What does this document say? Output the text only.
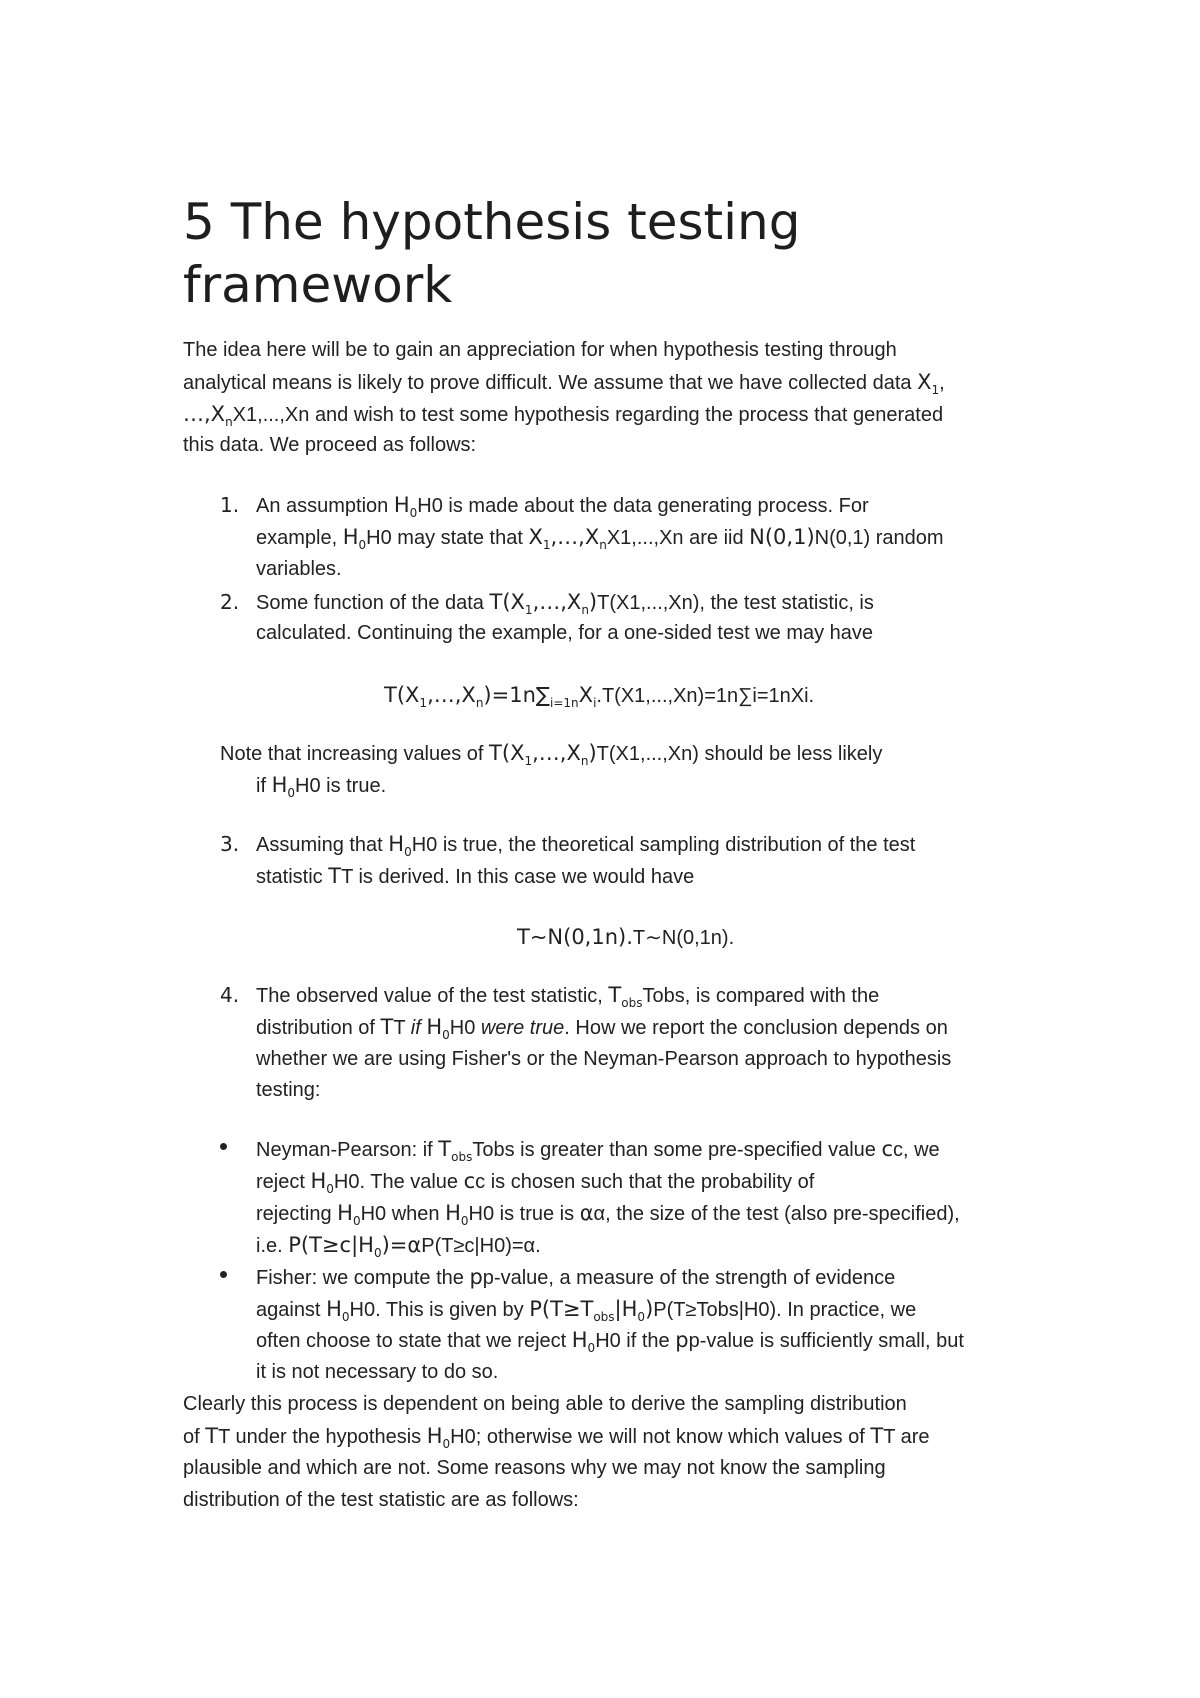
5 The hypothesis testing
framework
The idea here will be to gain an appreciation for when hypothesis testing through
analytical means is likely to prove difficult. We assume that we have collected data $X_1$,
$\dots,X_nX1,...,Xn$ and wish to test some hypothesis regarding the process that generated
this data. We proceed as follows:
1. An assumption $H_0H0$ is made about the data generating process. For
example, $H_0H0$ may state that $X_1,\dots,X_nX1,...,Xn$ are iid N(0,1)N(0,1) random
variables.
2. Some function of the data $T(X_1,\dots,X_n)T(X1,...,Xn)$, the test statistic, is
calculated. Continuing the example, for a one-sided test we may have
$T(X_1,\dots,X_n)=1n\sum_{i=1n}X_i.T(X1,...,Xn)=1n\sum i=1nXi$.
Note that increasing values of $T(X_1,\dots,X_n)T(X1,...,Xn)$ should be less likely
if $H_0H0$ is true.
3. Assuming that $H_0H0$ is true, the theoretical sampling distribution of the test
statistic TT is derived. In this case we would have
T∼N(0,1n).T∼N(0,1n).
4. The observed value of the test statistic, $T_{obs}Tobs$, is compared with the
distribution of TT if $H_0H0$ were true. How we report the conclusion depends on
whether we are using Fisher's or the Neyman-Pearson approach to hypothesis
testing:
Neyman-Pearson: if $T_{obs}Tobs$ is greater than some pre-specified value cc, we
reject $H_0H0$. The value cc is chosen such that the probability of
rejecting $H_0H0$ when $H_0H0$ is true is αα, the size of the test (also pre-specified),
i.e. $P(T\ge c|H_0)=\alpha P(T\ge c|H0)=\alpha$.
Fisher: we compute the pp-value, a measure of the strength of evidence
against $H_0H0$. This is given by $P(T\ge T_{obs}|H_0)P(T\ge Tobs|H0)$. In practice, we
often choose to state that we reject $H_0H0$ if the pp-value is sufficiently small, but
it is not necessary to do so.
Clearly this process is dependent on being able to derive the sampling distribution
of TT under the hypothesis $H_0H0$; otherwise we will not know which values of TT are
plausible and which are not. Some reasons why we may not know the sampling
distribution of the test statistic are as follows:
